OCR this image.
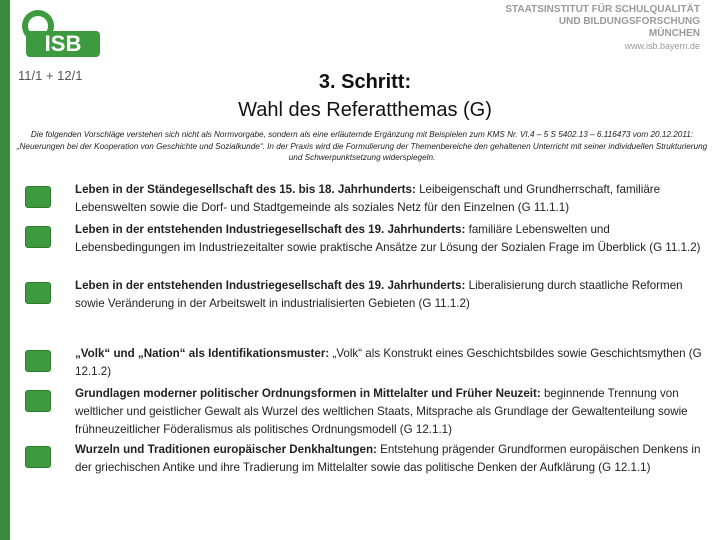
ISB
STAATSINSTITUT FÜR SCHULQUALITÄT
UND BILDUNGSFORSCHUNG
MÜNCHEN
www.isb.bayern.de
11/1 + 12/1	3. Schritt:
Wahl des Referatthemas (G)
Die folgenden Vorschläge verstehen sich nicht als Normvorgabe, sondern als eine erläuternde Ergänzung mit Beispielen zum KMS Nr. VI.4 – 5 S 5402.13 – 6.116473 vom 20.12.2011: „Neuerungen bei der Kooperation von Geschichte und Sozialkunde“. In der Praxis wird die Formulierung der Themenbereiche den gehaltenen Unterricht mit seiner individuellen Strukturierung und Schwerpunktsetzung widerspiegeln.
Leben in der Ständegesellschaft des 15. bis 18. Jahrhunderts: Leibeigenschaft und Grundherrschaft, familiäre Lebenswelten sowie die Dorf- und Stadtgemeinde als soziales Netz für den Einzelnen (G 11.1.1)
Leben in der entstehenden Industriegesellschaft des 19. Jahrhunderts: familiäre Lebenswelten und Lebensbedingungen im Industriezeitalter sowie praktische Ansätze zur Lösung der Sozialen Frage im Überblick (G 11.1.2)
Leben in der entstehenden Industriegesellschaft des 19. Jahrhunderts: Liberalisierung durch staatliche Reformen sowie Veränderung in der Arbeitswelt in industrialisierten Gebieten (G 11.1.2)
„Volk“ und „Nation“ als Identifikationsmuster: „Volk“ als Konstrukt eines Geschichtsbildes sowie Geschichtsmythen (G 12.1.2)
Grundlagen moderner politischer Ordnungsformen in Mittelalter und Früher Neuzeit: beginnende Trennung von weltlicher und geistlicher Gewalt als Wurzel des weltlichen Staats, Mitsprache als Grundlage der Gewaltenteilung sowie frühneuzeitlicher Föderalismus als politisches Ordnungsmodell (G 12.1.1)
Wurzeln und Traditionen europäischer Denkhaltungen: Entstehung prägender Grundformen europäischen Denkens in der griechischen Antike und ihre Tradierung im Mittelalter sowie das politische Denken der Aufklärung (G 12.1.1)
